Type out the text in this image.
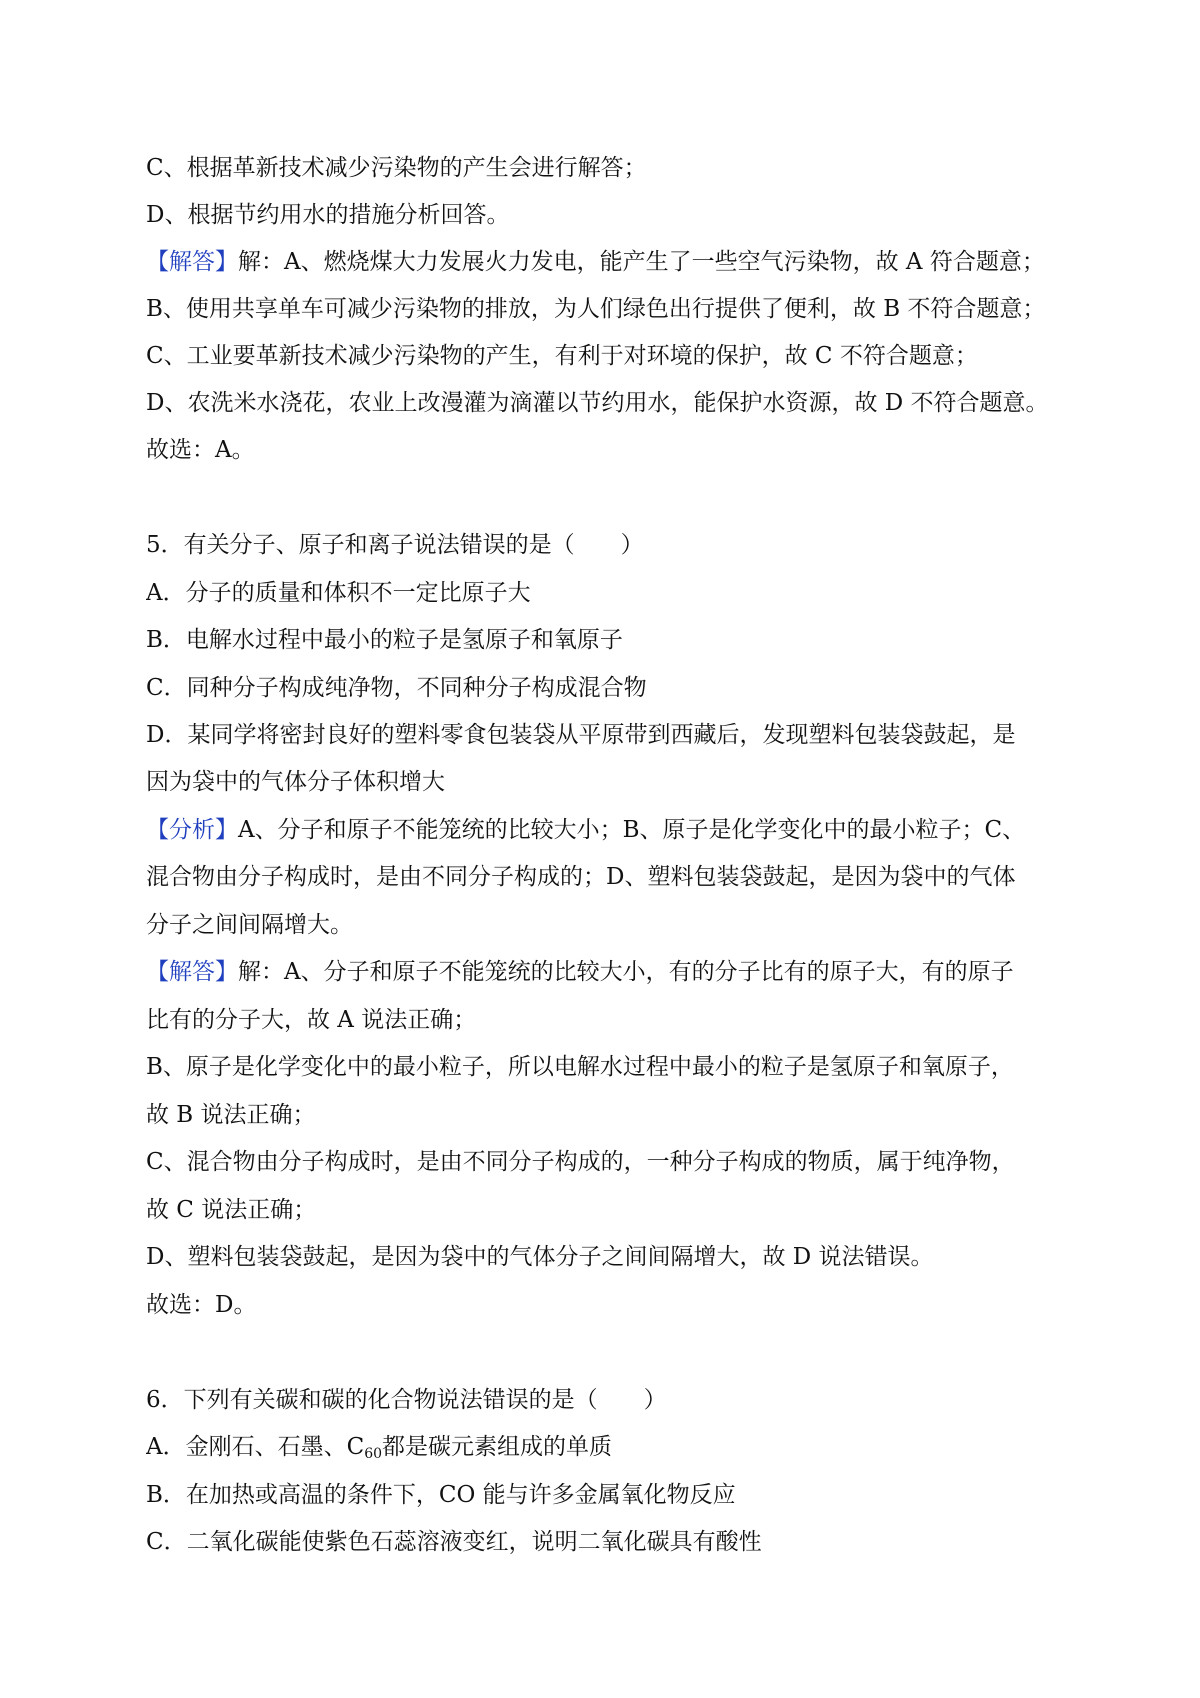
C、根据革新技术减少污染物的产生会进行解答；
D、根据节约用水的措施分析回答。
【解答】解：A、燃烧煤大力发展火力发电，能产生了一些空气污染物，故 A 符合题意；
B、使用共享单车可减少污染物的排放，为人们绿色出行提供了便利，故 B 不符合题意；
C、工业要革新技术减少污染物的产生，有利于对环境的保护，故 C 不符合题意；
D、农洗米水浇花，农业上改漫灌为滴灌以节约用水，能保护水资源，故 D 不符合题意。
故选：A。
5．有关分子、原子和离子说法错误的是（　　）
A．分子的质量和体积不一定比原子大
B．电解水过程中最小的粒子是氢原子和氧原子
C．同种分子构成纯净物，不同种分子构成混合物
D．某同学将密封良好的塑料零食包装袋从平原带到西藏后，发现塑料包装袋鼓起，是
因为袋中的气体分子体积增大
【分析】A、分子和原子不能笼统的比较大小；B、原子是化学变化中的最小粒子；C、
混合物由分子构成时，是由不同分子构成的；D、塑料包装袋鼓起，是因为袋中的气体
分子之间间隔增大。
【解答】解：A、分子和原子不能笼统的比较大小，有的分子比有的原子大，有的原子
比有的分子大，故 A 说法正确；
B、原子是化学变化中的最小粒子，所以电解水过程中最小的粒子是氢原子和氧原子，
故 B 说法正确；
C、混合物由分子构成时，是由不同分子构成的，一种分子构成的物质，属于纯净物，
故 C 说法正确；
D、塑料包装袋鼓起，是因为袋中的气体分子之间间隔增大，故 D 说法错误。
故选：D。
6．下列有关碳和碳的化合物说法错误的是（　　）
A．金刚石、石墨、$C_{60}$都是碳元素组成的单质
B．在加热或高温的条件下，CO 能与许多金属氧化物反应
C．二氧化碳能使紫色石蕊溶液变红，说明二氧化碳具有酸性
